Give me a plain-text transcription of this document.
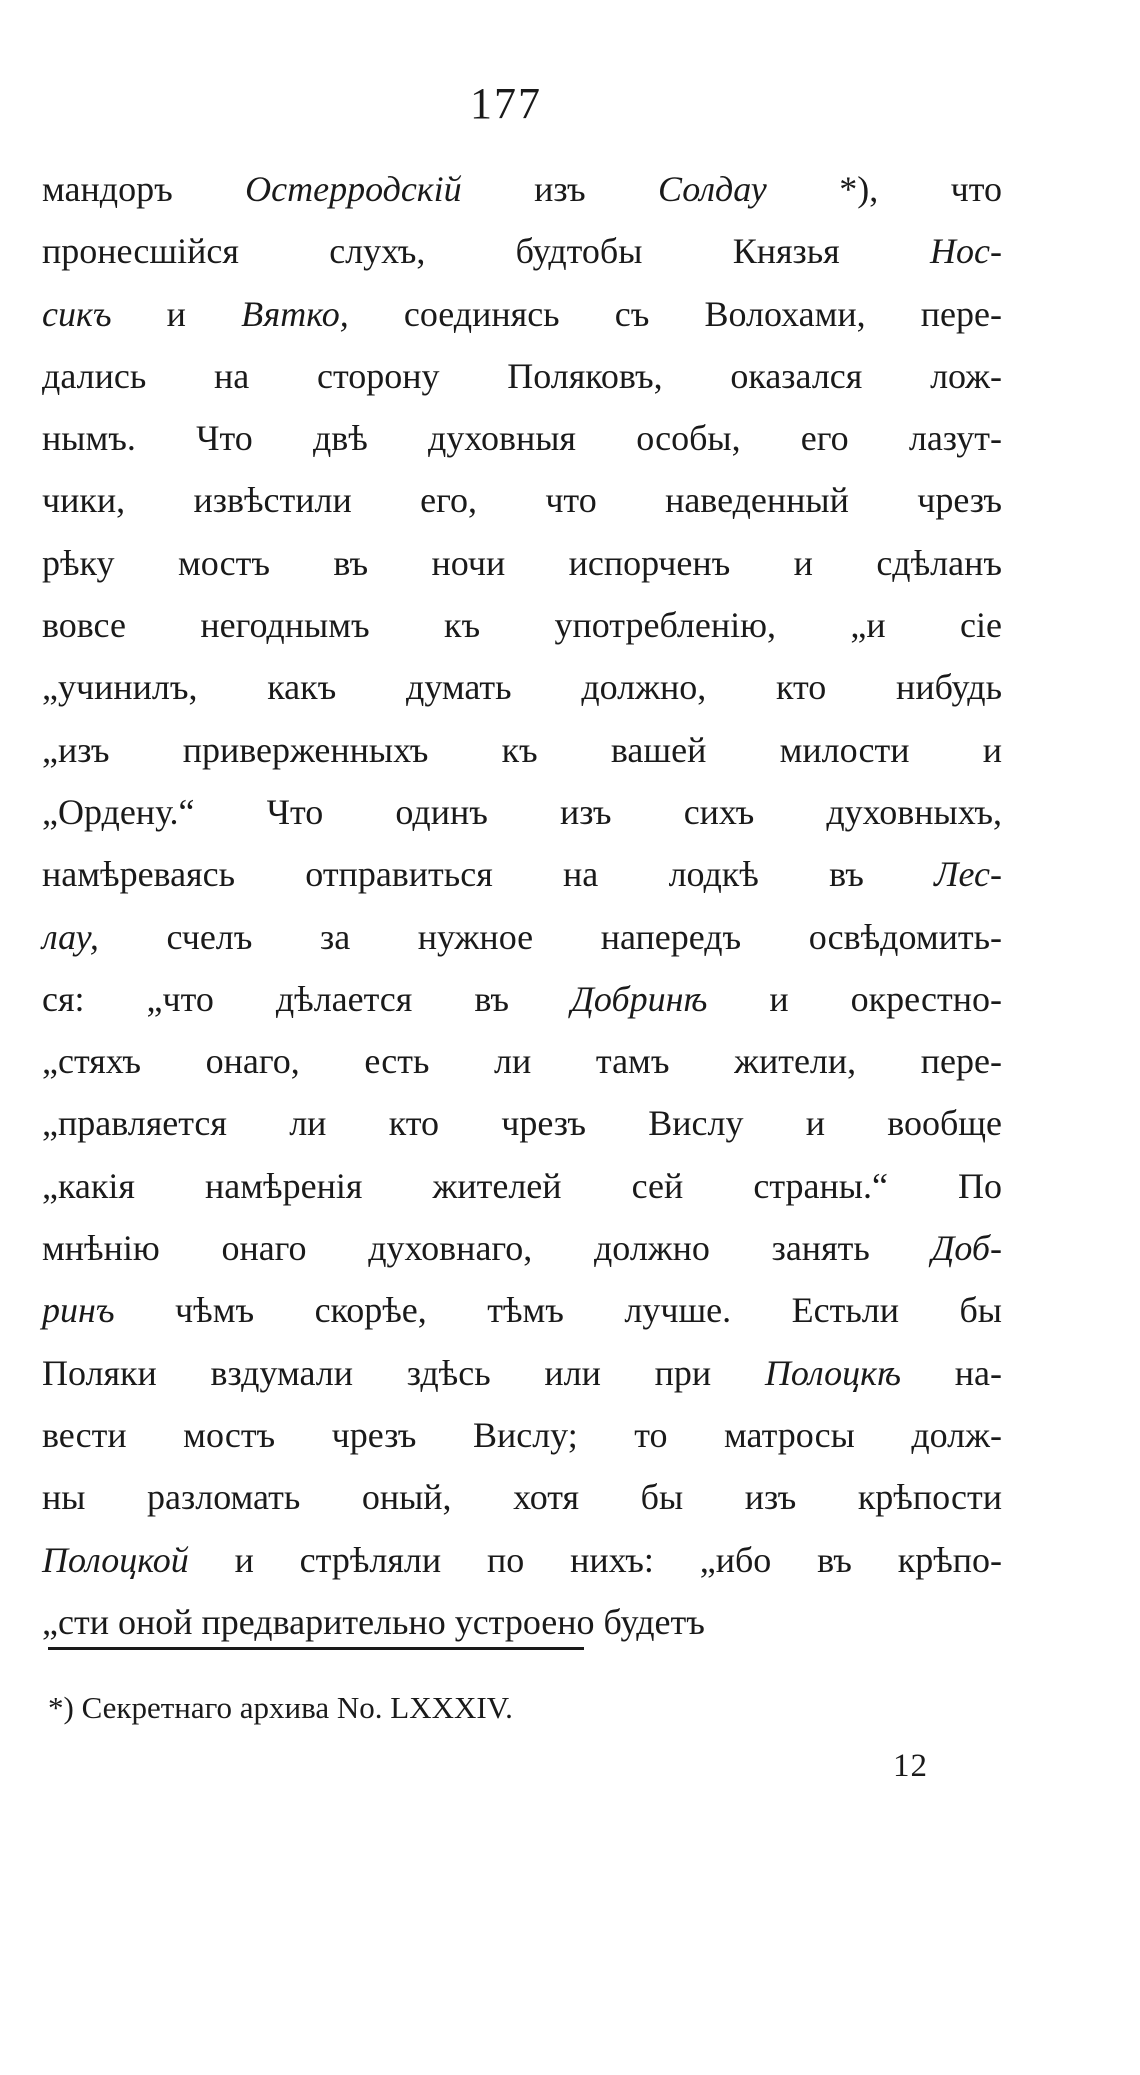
177
мандоръ Остерродскій изъ Солдау *), что
пронесшійся слухъ, будтобы Князья Нос-
сикъ и Вятко, соединясь съ Волохами, пере-
дались на сторону Поляковъ, оказался лож-
нымъ. Что двѣ духовныя особы, его лазут-
чики, извѣстили его, что наведенный чрезъ
рѣку мостъ въ ночи испорченъ и сдѣланъ
вовсе негоднымъ къ употребленію, „и сіе
„учинилъ, какъ думать должно, кто нибудь
„изъ приверженныхъ къ вашей милости и
„Ордену.“ Что одинъ изъ сихъ духовныхъ,
намѣреваясь отправиться на лодкѣ въ Лес-
лау, счелъ за нужное напередъ освѣдомить-
ся: „что дѣлается въ Добринѣ и окрестно-
„стяхъ онаго, есть ли тамъ жители, пере-
„правляется ли кто чрезъ Вислу и вообще
„какія намѣренія жителей сей страны.“ По
мнѣнію онаго духовнаго, должно занять Доб-
ринъ чѣмъ скорѣе, тѣмъ лучше. Естьли бы
Поляки вздумали здѣсь или при Полоцкѣ на-
вести мостъ чрезъ Вислу; то матросы долж-
ны разломать оный, хотя бы изъ крѣпости
Полоцкой и стрѣляли по нихъ: „ибо въ крѣпо-
„сти оной предварительно устроено будетъ
*) Секретнаго архива No. LXXXIV.
12
